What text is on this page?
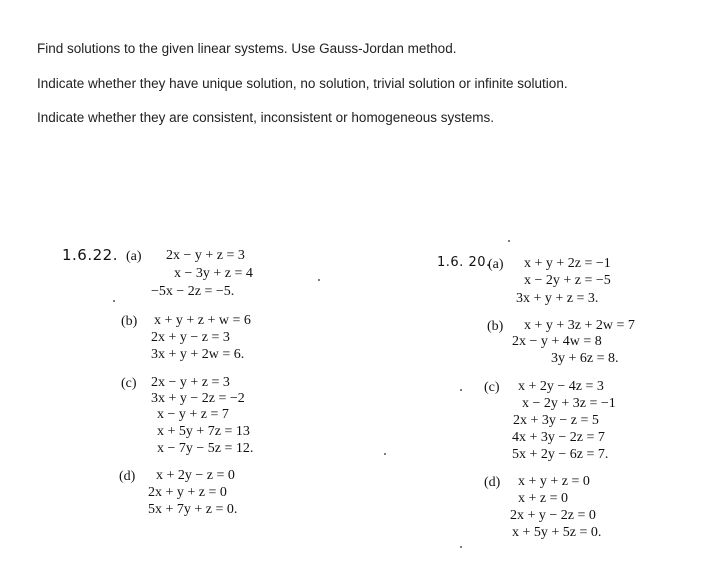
Find solutions to the given linear systems. Use Gauss-Jordan method.
Indicate whether they have unique solution, no solution, trivial solution or infinite solution.
Indicate whether they are consistent, inconsistent or homogeneous systems.
1.6.22. (a) 2x − y + z = 3
x − 3y + z = 4
−5x − 2z = −5.
(b) x + y + z + w = 6
2x + y − z = 3
3x + y + 2w = 6.
(c) 2x − y + z = 3
3x + y − 2z = −2
x − y + z = 7
x + 5y + 7z = 13
x − 7y − 5z = 12.
(d) x + 2y − z = 0
2x + y + z = 0
5x + 7y + z = 0.
1.6. 20.
(a) x + y + 2z = −1
x − 2y + z = −5
3x + y + z = 3.
(b) x + y + 3z + 2w = 7
2x − y + 4w = 8
3y + 6z = 8.
(c) x + 2y − 4z = 3
x − 2y + 3z = −1
2x + 3y − z = 5
4x + 3y − 2z = 7
5x + 2y − 6z = 7.
(d) x + y + z = 0
x + z = 0
2x + y − 2z = 0
x + 5y + 5z = 0.
